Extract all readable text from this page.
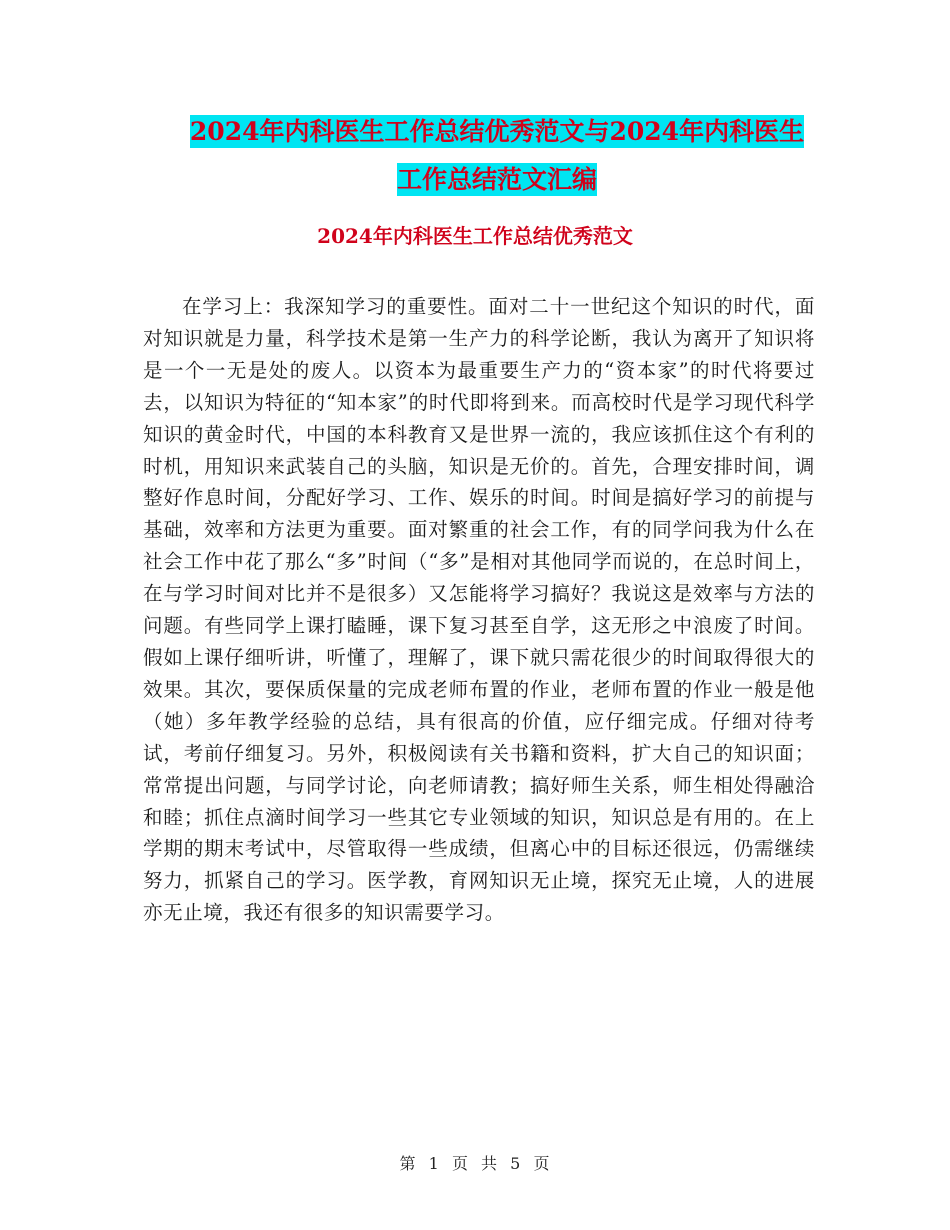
2024年内科医生工作总结优秀范文与2024年内科医生
工作总结范文汇编
2024年内科医生工作总结优秀范文

在学习上：我深知学习的重要性。面对二十一世纪这个知识的时代，面对知识就是力量，科学技术是第一生产力的科学论断，我认为离开了知识将是一个一无是处的废人。以资本为最重要生产力的“资本家”的时代将要过去，以知识为特征的“知本家”的时代即将到来。而高校时代是学习现代科学知识的黄金时代，中国的本科教育又是世界一流的，我应该抓住这个有利的时机，用知识来武装自己的头脑，知识是无价的。首先，合理安排时间，调整好作息时间，分配好学习、工作、娱乐的时间。时间是搞好学习的前提与基础，效率和方法更为重要。面对繁重的社会工作，有的同学问我为什么在社会工作中花了那么“多”时间（“多”是相对其他同学而说的，在总时间上，在与学习时间对比并不是很多）又怎能将学习搞好？我说这是效率与方法的问题。有些同学上课打瞌睡，课下复习甚至自学，这无形之中浪废了时间。假如上课仔细听讲，听懂了，理解了，课下就只需花很少的时间取得很大的效果。其次，要保质保量的完成老师布置的作业，老师布置的作业一般是他（她）多年教学经验的总结，具有很高的价值，应仔细完成。仔细对待考试，考前仔细复习。另外，积极阅读有关书籍和资料，扩大自己的知识面；常常提出问题，与同学讨论，向老师请教；搞好师生关系，师生相处得融洽和睦；抓住点滴时间学习一些其它专业领域的知识，知识总是有用的。在上学期的期末考试中，尽管取得一些成绩，但离心中的目标还很远，仍需继续努力，抓紧自己的学习。医学教，育网知识无止境，探究无止境，人的进展亦无止境，我还有很多的知识需要学习。

第 1 页 共 5 页
